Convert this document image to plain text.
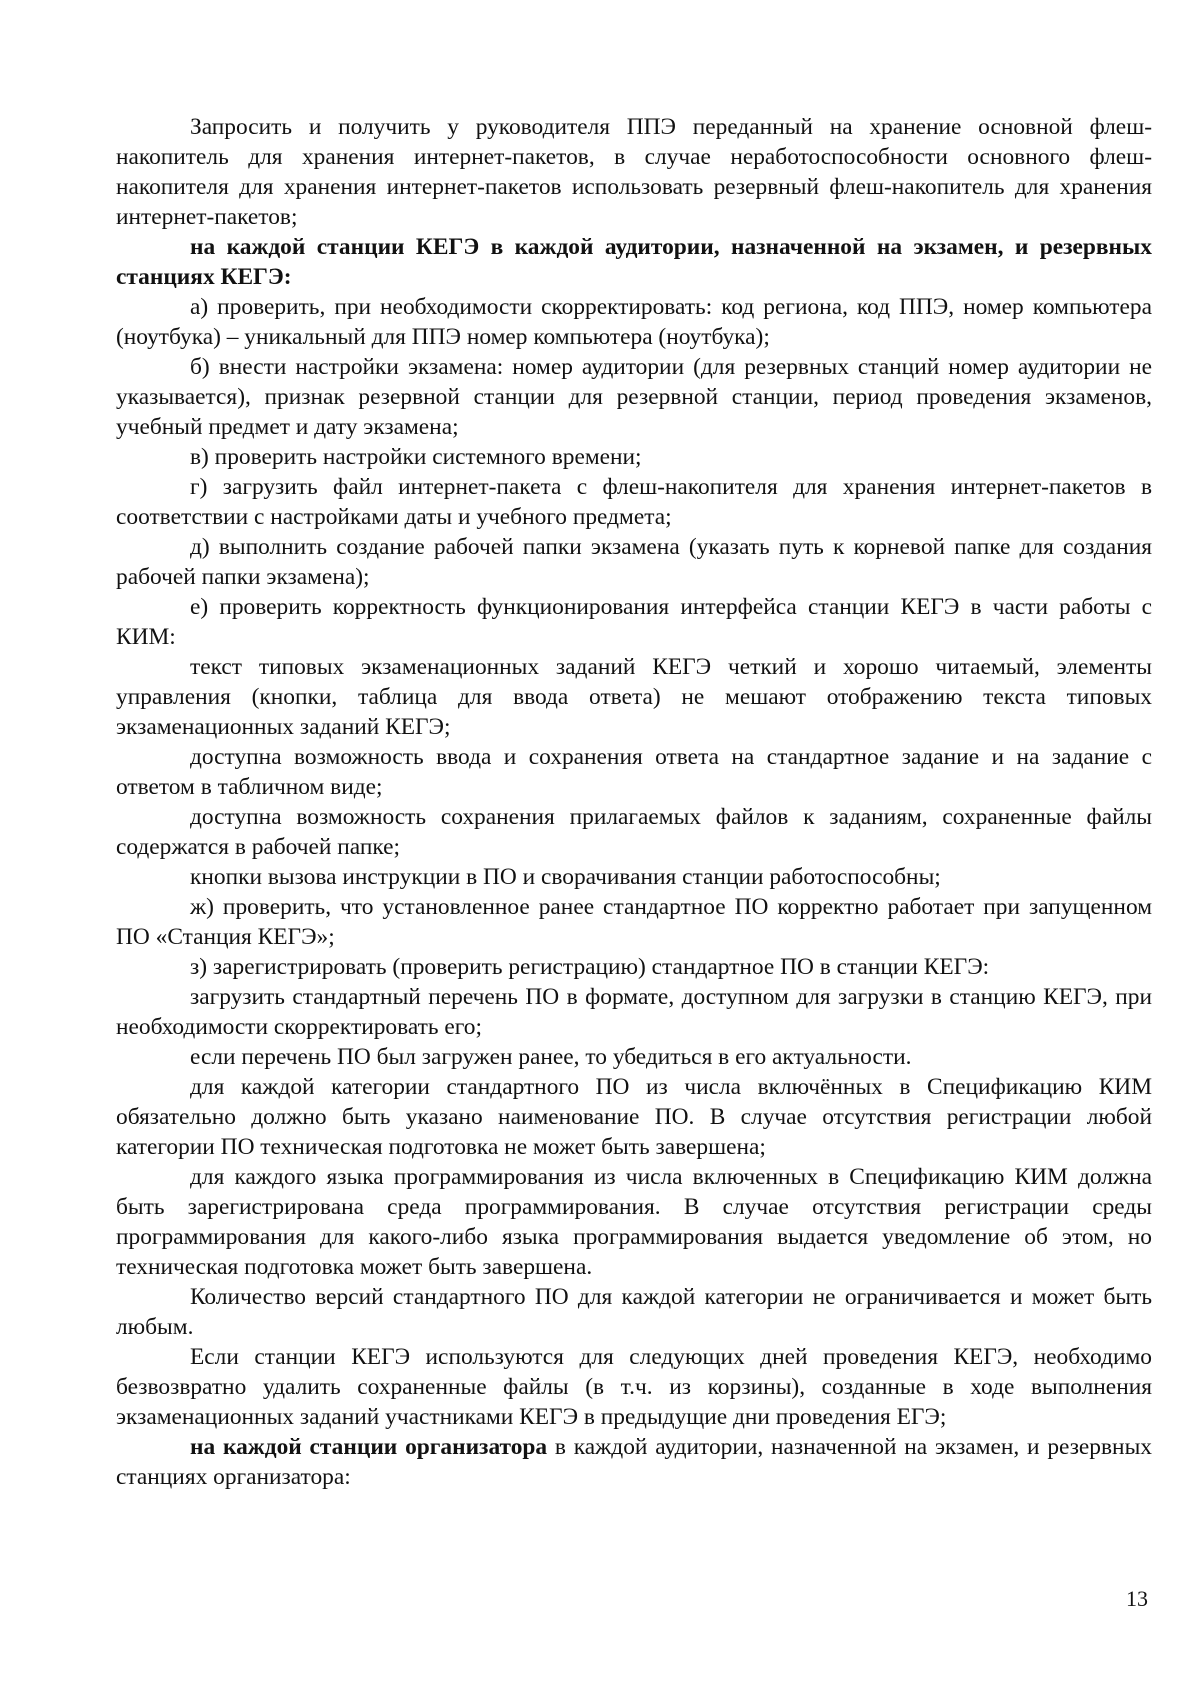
Запросить и получить у руководителя ППЭ переданный на хранение основной флеш-накопитель для хранения интернет-пакетов, в случае неработоспособности основного флеш-накопителя для хранения интернет-пакетов использовать резервный флеш-накопитель для хранения интернет-пакетов;

на каждой станции КЕГЭ в каждой аудитории, назначенной на экзамен, и резервных станциях КЕГЭ:

а) проверить, при необходимости скорректировать: код региона, код ППЭ, номер компьютера (ноутбука) – уникальный для ППЭ номер компьютера (ноутбука);

б) внести настройки экзамена: номер аудитории (для резервных станций номер аудитории не указывается), признак резервной станции для резервной станции, период проведения экзаменов, учебный предмет и дату экзамена;

в) проверить настройки системного времени;

г) загрузить файл интернет-пакета с флеш-накопителя для хранения интернет-пакетов в соответствии с настройками даты и учебного предмета;

д) выполнить создание рабочей папки экзамена (указать путь к корневой папке для создания рабочей папки экзамена);

е) проверить корректность функционирования интерфейса станции КЕГЭ в части работы с КИМ:

текст типовых экзаменационных заданий КЕГЭ четкий и хорошо читаемый, элементы управления (кнопки, таблица для ввода ответа) не мешают отображению текста типовых экзаменационных заданий КЕГЭ;

доступна возможность ввода и сохранения ответа на стандартное задание и на задание с ответом в табличном виде;

доступна возможность сохранения прилагаемых файлов к заданиям, сохраненные файлы содержатся в рабочей папке;

кнопки вызова инструкции в ПО и сворачивания станции работоспособны;

ж) проверить, что установленное ранее стандартное ПО корректно работает при запущенном ПО «Станция КЕГЭ»;

з) зарегистрировать (проверить регистрацию) стандартное ПО в станции КЕГЭ:

загрузить стандартный перечень ПО в формате, доступном для загрузки в станцию КЕГЭ, при необходимости скорректировать его;

если перечень ПО был загружен ранее, то убедиться в его актуальности.

для каждой категории стандартного ПО из числа включённых в Спецификацию КИМ обязательно должно быть указано наименование ПО. В случае отсутствия регистрации любой категории ПО техническая подготовка не может быть завершена;

для каждого языка программирования из числа включенных в Спецификацию КИМ должна быть зарегистрирована среда программирования. В случае отсутствия регистрации среды программирования для какого-либо языка программирования выдается уведомление об этом, но техническая подготовка может быть завершена.

Количество версий стандартного ПО для каждой категории не ограничивается и может быть любым.

Если станции КЕГЭ используются для следующих дней проведения КЕГЭ, необходимо безвозвратно удалить сохраненные файлы (в т.ч. из корзины), созданные в ходе выполнения экзаменационных заданий участниками КЕГЭ в предыдущие дни проведения ЕГЭ;

на каждой станции организатора в каждой аудитории, назначенной на экзамен, и резервных станциях организатора:

13
